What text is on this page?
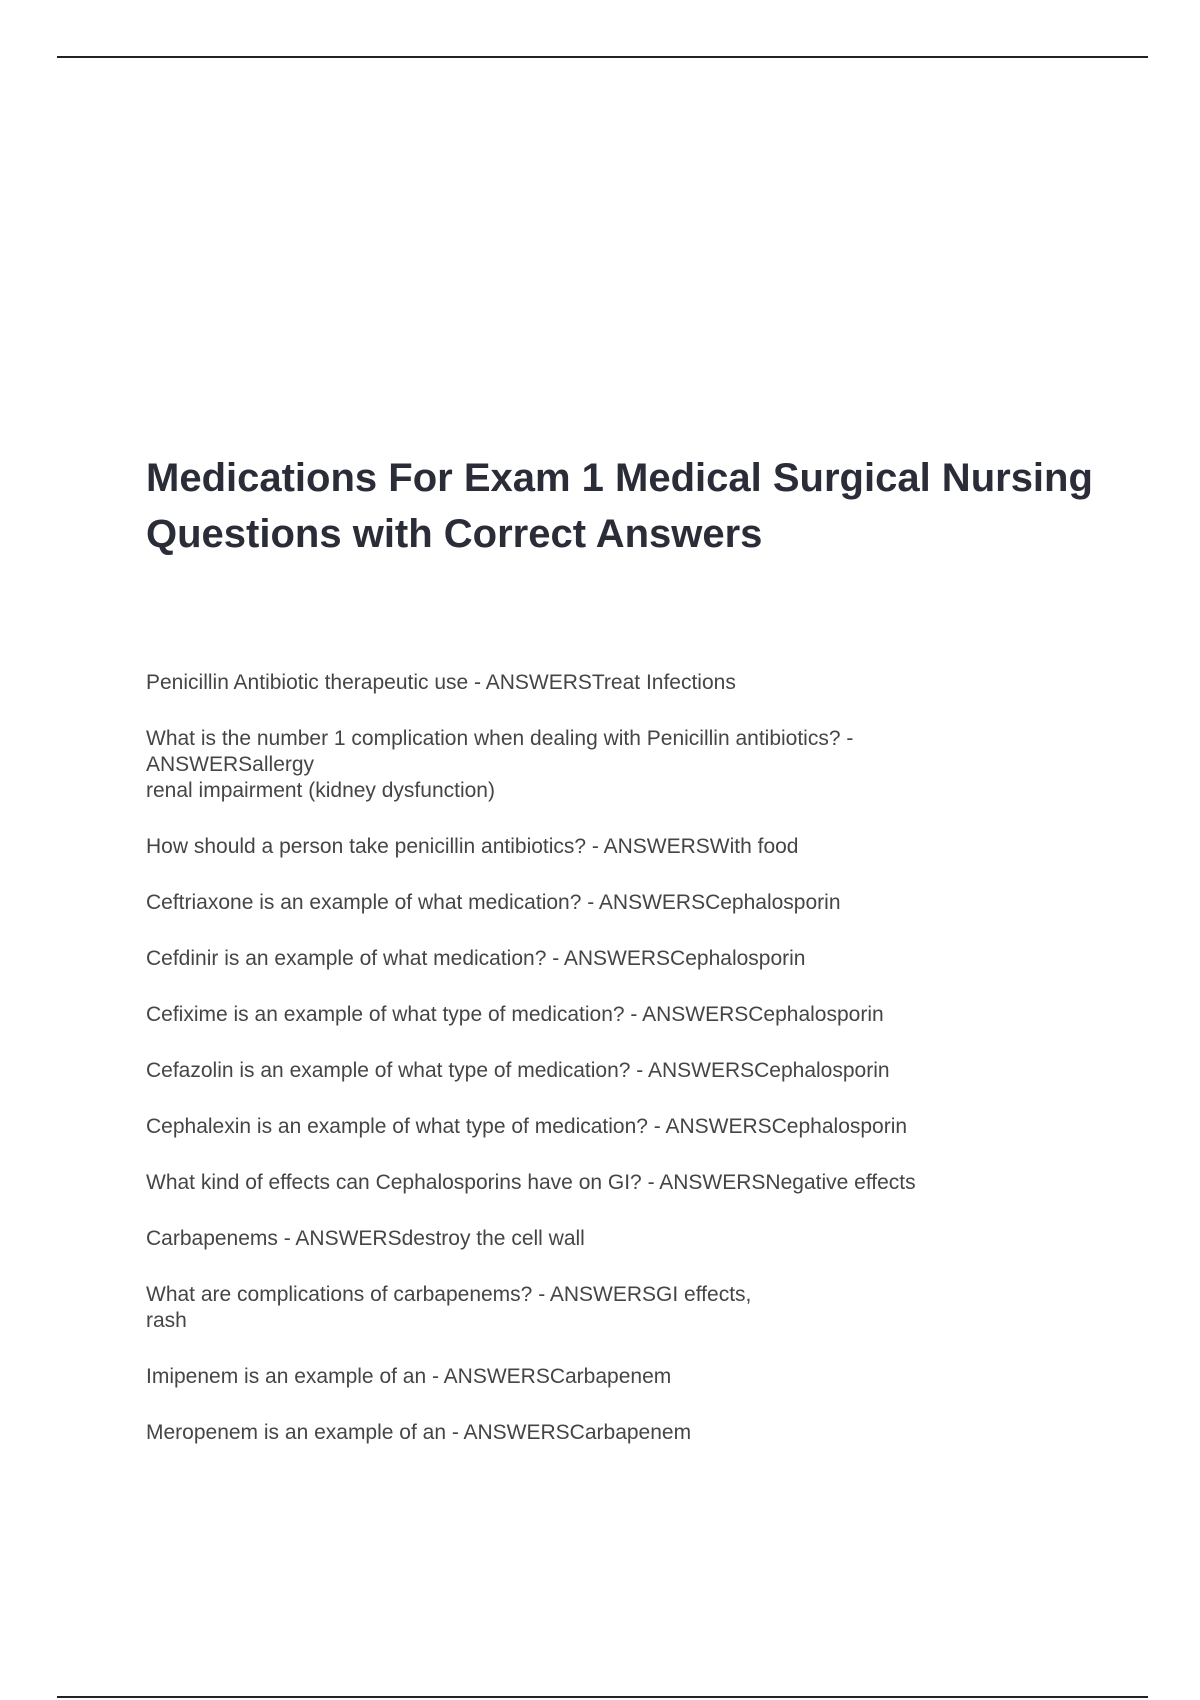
Medications For Exam 1 Medical Surgical Nursing Questions with Correct Answers
Penicillin Antibiotic therapeutic use - ANSWERSTreat Infections
What is the number 1 complication when dealing with Penicillin antibiotics? -
ANSWERSallergy
renal impairment (kidney dysfunction)
How should a person take penicillin antibiotics? - ANSWERSWith food
Ceftriaxone is an example of what medication? - ANSWERSCephalosporin
Cefdinir is an example of what medication? - ANSWERSCephalosporin
Cefixime is an example of what type of medication? - ANSWERSCephalosporin
Cefazolin is an example of what type of medication? - ANSWERSCephalosporin
Cephalexin is an example of what type of medication? - ANSWERSCephalosporin
What kind of effects can Cephalosporins have on GI? - ANSWERSNegative effects
Carbapenems - ANSWERSdestroy the cell wall
What are complications of carbapenems? - ANSWERSGI effects,
rash
Imipenem is an example of an - ANSWERSCarbapenem
Meropenem is an example of an - ANSWERSCarbapenem
